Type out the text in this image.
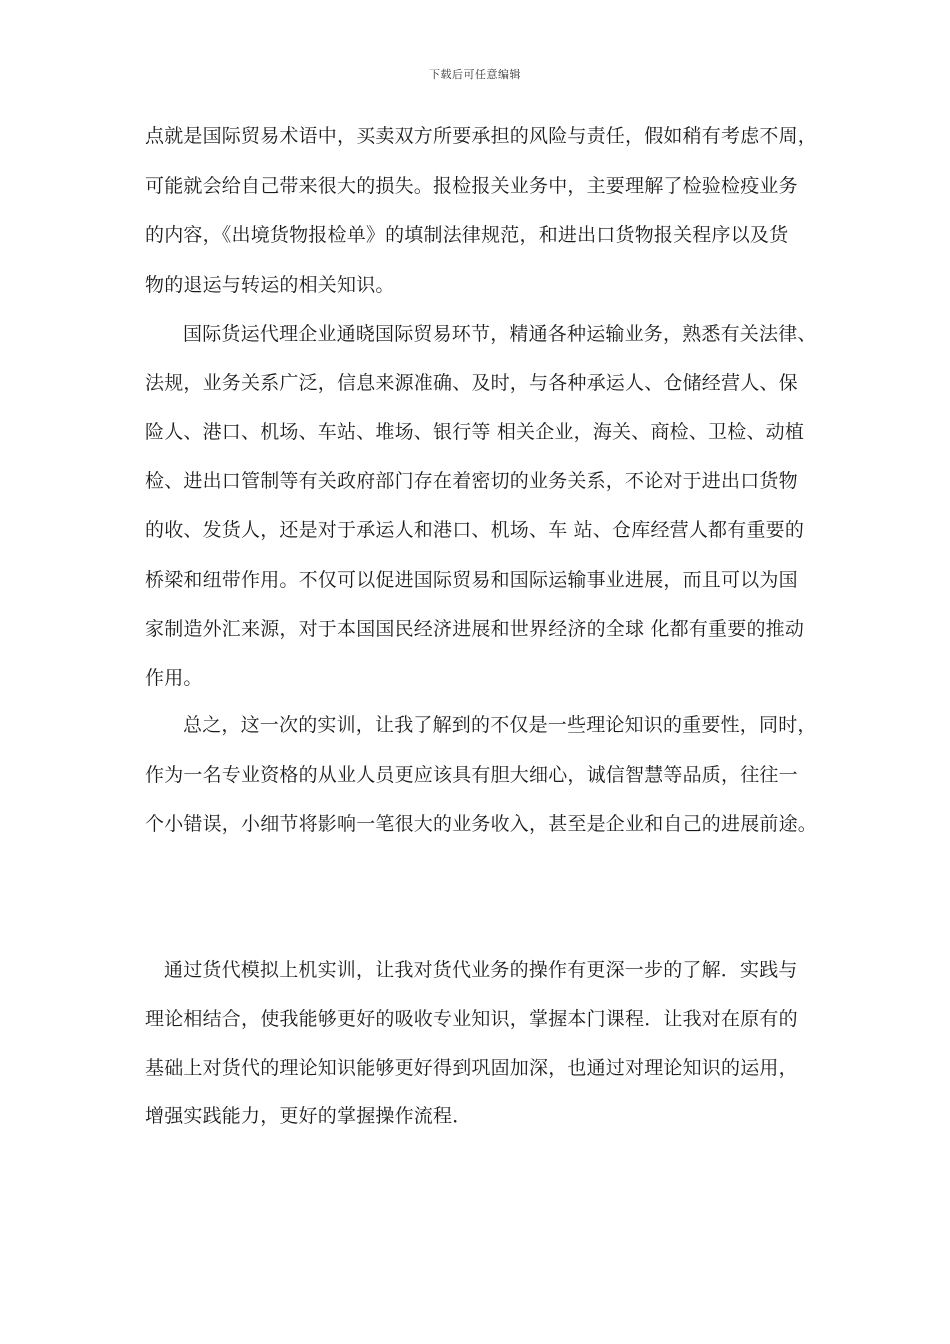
下载后可任意编辑
点就是国际贸易术语中，买卖双方所要承担的风险与责任，假如稍有考虑不周，
可能就会给自己带来很大的损失。报检报关业务中，主要理解了检验检疫业务
的内容，《出境货物报检单》的填制法律规范，和进出口货物报关程序以及货
物的退运与转运的相关知识。
国际货运代理企业通晓国际贸易环节，精通各种运输业务，熟悉有关法律、
法规，业务关系广泛，信息来源准确、及时，与各种承运人、仓储经营人、保
险人、港口、机场、车站、堆场、银行等 相关企业，海关、商检、卫检、动植
检、进出口管制等有关政府部门存在着密切的业务关系，不论对于进出口货物
的收、发货人，还是对于承运人和港口、机场、车 站、仓库经营人都有重要的
桥梁和纽带作用。不仅可以促进国际贸易和国际运输事业进展，而且可以为国
家制造外汇来源，对于本国国民经济进展和世界经济的全球 化都有重要的推动
作用。
总之，这一次的实训，让我了解到的不仅是一些理论知识的重要性，同时，
作为一名专业资格的从业人员更应该具有胆大细心，诚信智慧等品质，往往一
个小错误，小细节将影响一笔很大的业务收入，甚至是企业和自己的进展前途。
通过货代模拟上机实训，让我对货代业务的操作有更深一步的了解．实践与
理论相结合，使我能够更好的吸收专业知识，掌握本门课程．让我对在原有的
基础上对货代的理论知识能够更好得到巩固加深，也通过对理论知识的运用，
增强实践能力，更好的掌握操作流程．
